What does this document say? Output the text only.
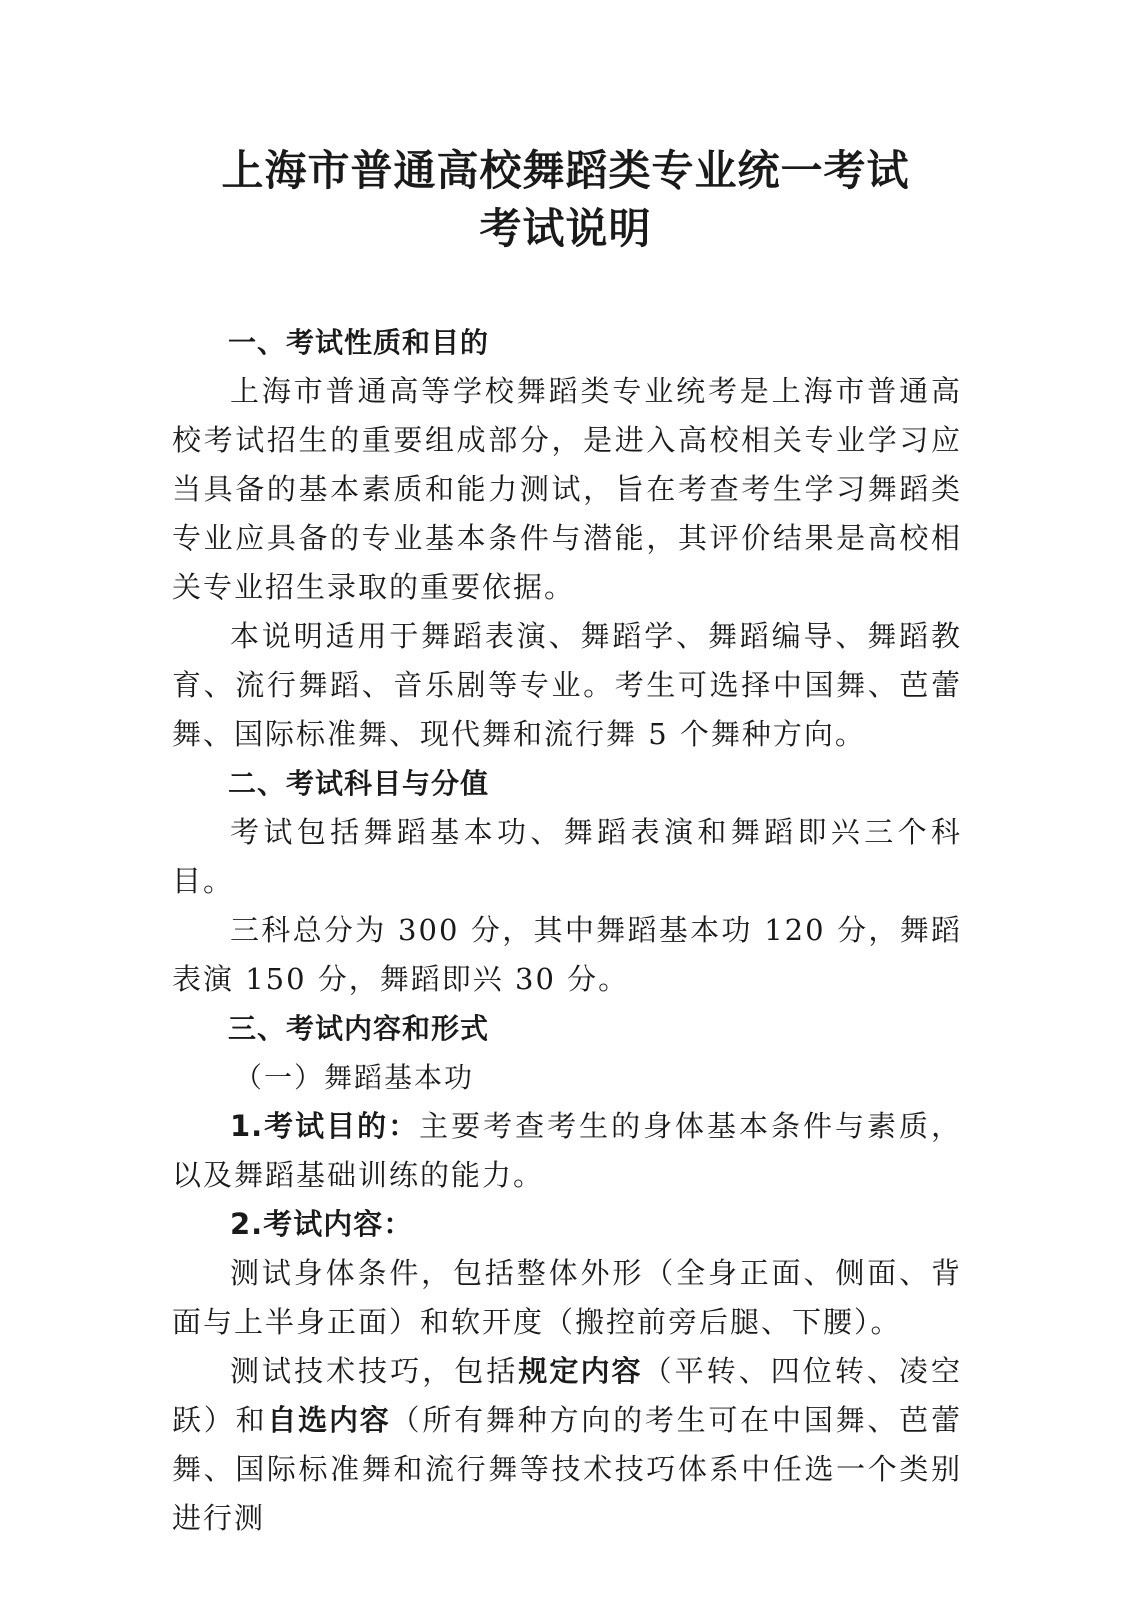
上海市普通高校舞蹈类专业统一考试
考试说明
一、考试性质和目的

上海市普通高等学校舞蹈类专业统考是上海市普通高校考试招生的重要组成部分，是进入高校相关专业学习应当具备的基本素质和能力测试，旨在考查考生学习舞蹈类专业应具备的专业基本条件与潜能，其评价结果是高校相关专业招生录取的重要依据。

本说明适用于舞蹈表演、舞蹈学、舞蹈编导、舞蹈教育、流行舞蹈、音乐剧等专业。考生可选择中国舞、芭蕾舞、国际标准舞、现代舞和流行舞 5 个舞种方向。

二、考试科目与分值

考试包括舞蹈基本功、舞蹈表演和舞蹈即兴三个科目。

三科总分为 300 分，其中舞蹈基本功 120 分，舞蹈表演 150 分，舞蹈即兴 30 分。

三、考试内容和形式
（一）舞蹈基本功

1.考试目的：主要考查考生的身体基本条件与素质，以及舞蹈基础训练的能力。

2.考试内容：

测试身体条件，包括整体外形（全身正面、侧面、背面与上半身正面）和软开度（搬控前旁后腿、下腰）。

测试技术技巧，包括规定内容（平转、四位转、凌空跃）和自选内容（所有舞种方向的考生可在中国舞、芭蕾舞、国际标准舞和流行舞等技术技巧体系中任选一个类别进行测
